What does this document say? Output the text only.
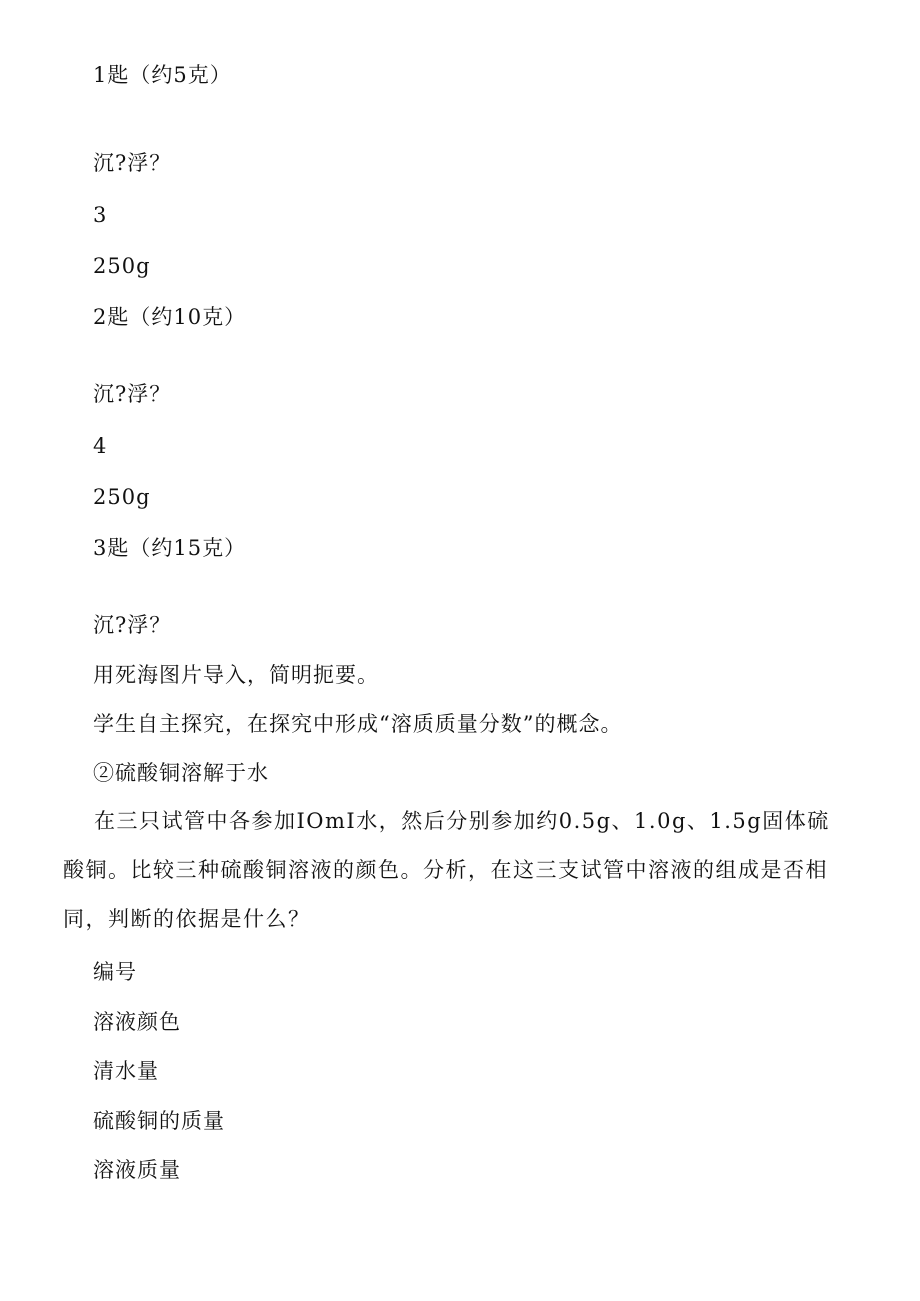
1匙（约5克）
沉?浮？
3
250g
2匙（约10克）
沉?浮？
4
250g
3匙（约15克）
沉?浮？
用死海图片导入，简明扼要。
学生自主探究，在探究中形成“溶质质量分数”的概念。
②硫酸铜溶解于水
在三只试管中各参加IOmI水，然后分别参加约0.5g、1.0g、1.5g固体硫酸铜。比较三种硫酸铜溶液的颜色。分析，在这三支试管中溶液的组成是否相同，判断的依据是什么？
编号
溶液颜色
清水量
硫酸铜的质量
溶液质量
